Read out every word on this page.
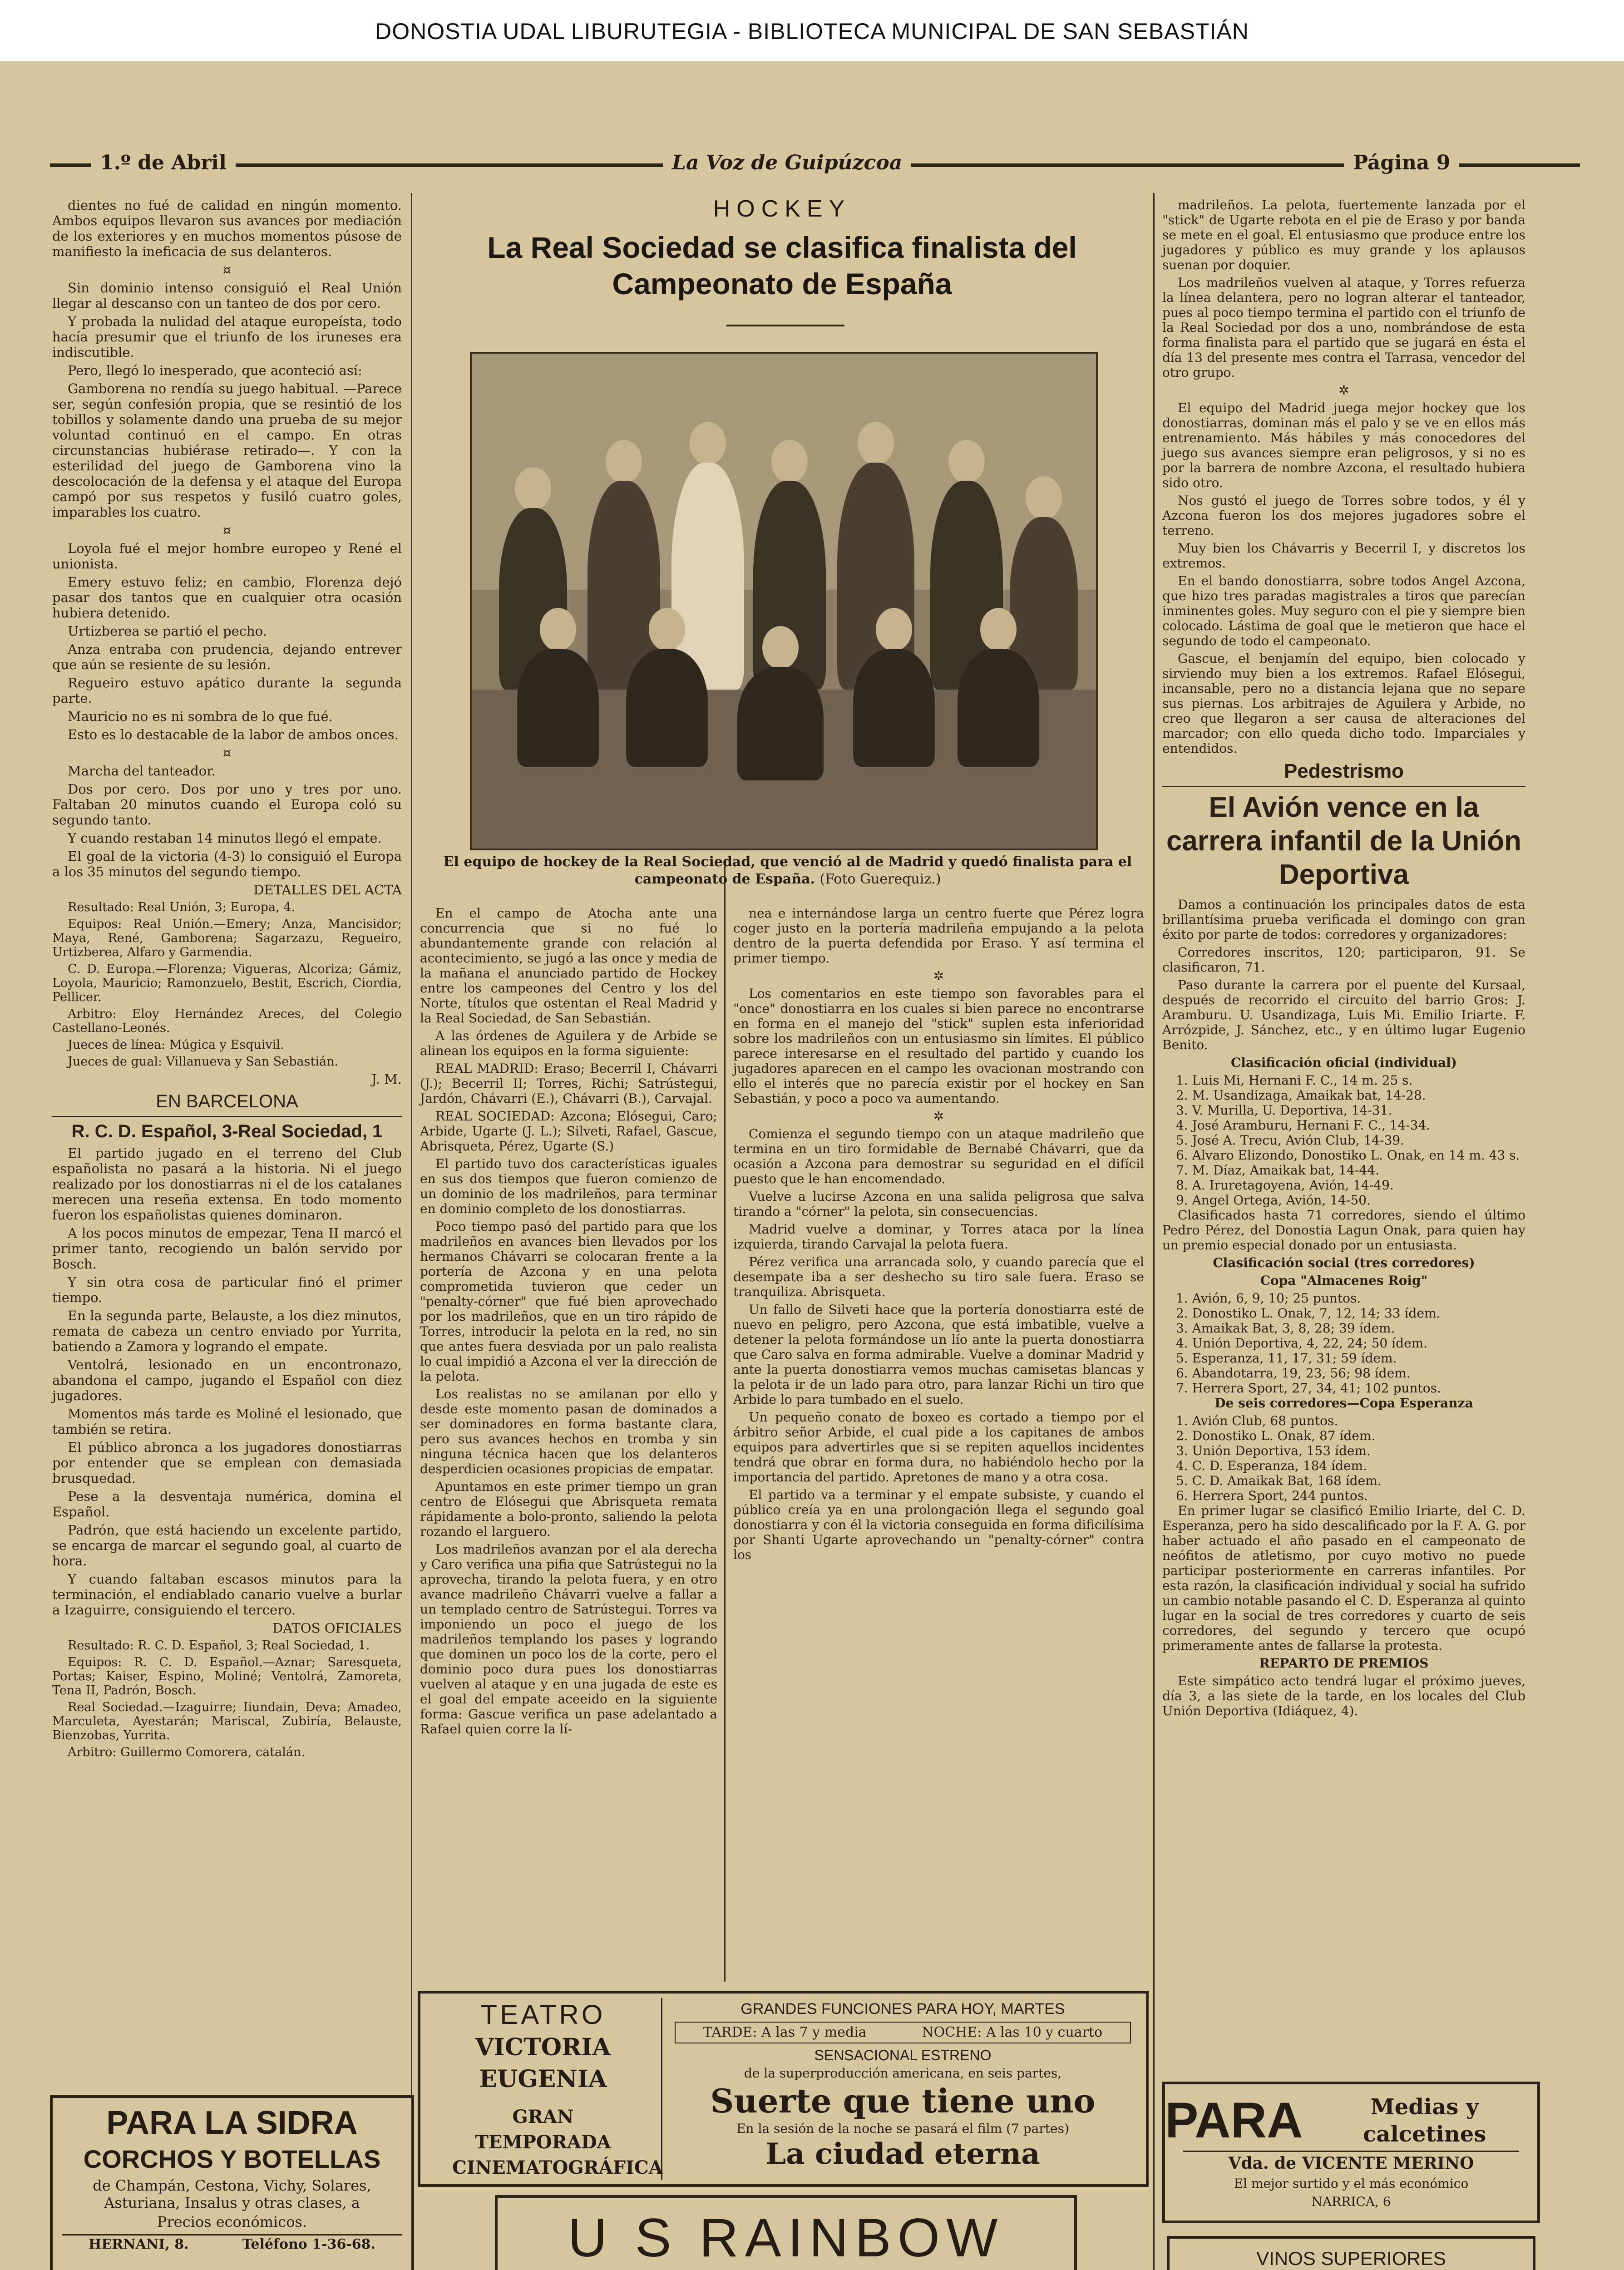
DONOSTIA UDAL LIBURUTEGIA - BIBLIOTECA MUNICIPAL DE SAN SEBASTIÁN
1.º de Abril	La Voz de Guipúzcoa	Página 9

dientes no fué de calidad en ningún momento. Ambos equipos llevaron sus avances por mediación de los exteriores y en muchos momentos púsose de manifiesto la ineficacia de sus delanteros.

¤

Sin dominio intenso consiguió el Real Unión llegar al descanso con un tanteo de dos por cero.

Y probada la nulidad del ataque europeísta, todo hacía presumir que el triunfo de los iruneses era indiscutible.

Pero, llegó lo inesperado, que aconteció así:

Gamborena no rendía su juego habitual. —Parece ser, según confesión propia, que se resintió de los tobillos y solamente dando una prueba de su mejor voluntad continuó en el campo. En otras circunstancias hubiérase retirado—. Y con la esterilidad del juego de Gamborena vino la descolocación de la defensa y el ataque del Europa campó por sus respetos y fusiló cuatro goles, imparables los cuatro.

¤

Loyola fué el mejor hombre europeo y René el unionista.

Emery estuvo feliz; en cambio, Florenza dejó pasar dos tantos que en cualquier otra ocasión hubiera detenido.

Urtizberea se partió el pecho.

Anza entraba con prudencia, dejando entrever que aún se resiente de su lesión.

Regueiro estuvo apático durante la segunda parte.

Mauricio no es ni sombra de lo que fué.

Esto es lo destacable de la labor de ambos onces.

¤

Marcha del tanteador.

Dos por cero. Dos por uno y tres por uno. Faltaban 20 minutos cuando el Europa coló su segundo tanto.

Y cuando restaban 14 minutos llegó el empate.

El goal de la victoria (4-3) lo consiguió el Europa a los 35 minutos del segundo tiempo.

DETALLES DEL ACTA

Resultado: Real Unión, 3; Europa, 4.

Equipos: Real Unión.—Emery; Anza, Mancisidor; Maya, René, Gamborena; Sagarzazu, Regueiro, Urtizberea, Alfaro y Garmendia.

C. D. Europa.—Florenza; Vigueras, Alcoriza; Gámiz, Loyola, Mauricio; Ramonzuelo, Bestit, Escrich, Ciordia, Pellicer.

Arbitro: Eloy Hernández Areces, del Colegio Castellano-Leonés.

Jueces de línea: Múgica y Esquivil.

Jueces de gual: Villanueva y San Sebastián.

J. M.

EN BARCELONA

R. C. D. Español, 3-Real Sociedad, 1

El partido jugado en el terreno del Club españolista no pasará a la historia. Ni el juego realizado por los donostiarras ni el de los catalanes merecen una reseña extensa. En todo momento fueron los españolistas quienes dominaron.

A los pocos minutos de empezar, Tena II marcó el primer tanto, recogiendo un balón servido por Bosch.

Y sin otra cosa de particular finó el primer tiempo.

En la segunda parte, Belauste, a los diez minutos, remata de cabeza un centro enviado por Yurrita, batiendo a Zamora y logrando el empate.

Ventolrá, lesionado en un encontronazo, abandona el campo, jugando el Español con diez jugadores.

Momentos más tarde es Moliné el lesionado, que también se retira.

El público abronca a los jugadores donostiarras por entender que se emplean con demasiada brusquedad.

Pese a la desventaja numérica, domina el Español.

Padrón, que está haciendo un excelente partido, se encarga de marcar el segundo goal, al cuarto de hora.

Y cuando faltaban escasos minutos para la terminación, el endiablado canario vuelve a burlar a Izaguirre, consiguiendo el tercero.

DATOS OFICIALES

Resultado: R. C. D. Español, 3; Real Sociedad, 1.

Equipos: R. C. D. Español.—Aznar; Saresqueta, Portas; Kaiser, Espino, Moliné; Ventolrá, Zamoreta, Tena II, Padrón, Bosch.

Real Sociedad.—Izaguirre; Iiundain, Deva; Amadeo, Marculeta, Ayestarán; Mariscal, Zubiría, Belauste, Bienzobas, Yurrita.

Arbitro: Guillermo Comorera, catalán.

PARA LA SIDRA
CORCHOS Y BOTELLAS
de Champán, Cestona, Vichy, Solares, Asturiana, Insalus y otras clases, a
Precios económicos.
HERNANI, 8.	Teléfono 1-36-68.
HOCKEY
La Real Sociedad se clasifica finalista del Campeonato de España
El equipo de hockey de la Real Sociedad, que venció al de Madrid y quedó finalista para el campeonato de España. (Foto Guerequiz.)

En el campo de Atocha ante una concurrencia que si no fué lo abundantemente grande con relación al acontecimiento, se jugó a las once y media de la mañana el anunciado partido de Hockey entre los campeones del Centro y los del Norte, títulos que ostentan el Real Madrid y la Real Sociedad, de San Sebastián.

A las órdenes de Aguilera y de Arbide se alinean los equipos en la forma siguiente:

REAL MADRID: Eraso; Becerril I, Chávarri (J.); Becerril II; Torres, Richi; Satrústegui, Jardón, Chávarri (E.), Chávarri (B.), Carvajal.

REAL SOCIEDAD: Azcona; Elósegui, Caro; Arbide, Ugarte (J. L.); Silveti, Rafael, Gascue, Abrisqueta, Pérez, Ugarte (S.)

El partido tuvo dos características iguales en sus dos tiempos que fueron comienzo de un dominio de los madrileños, para terminar en dominio completo de los donostiarras.

Poco tiempo pasó del partido para que los madrileños en avances bien llevados por los hermanos Chávarri se colocaran frente a la portería de Azcona y en una pelota comprometida tuvieron que ceder un "penalty-córner" que fué bien aprovechado por los madrileños, que en un tiro rápido de Torres, introducir la pelota en la red, no sin que antes fuera desviada por un palo realista lo cual impidió a Azcona el ver la dirección de la pelota.

Los realistas no se amilanan por ello y desde este momento pasan de dominados a ser dominadores en forma bastante clara, pero sus avances hechos en tromba y sin ninguna técnica hacen que los delanteros desperdicien ocasiones propicias de empatar.

Apuntamos en este primer tiempo un gran centro de Elósegui que Abrisqueta remata rápidamente a bolo-pronto, saliendo la pelota rozando el larguero.

Los madrileños avanzan por el ala derecha y Caro verifica una pifia que Satrústegui no la aprovecha, tirando la pelota fuera, y en otro avance madrileño Chávarri vuelve a fallar a un templado centro de Satrústegui. Torres va imponiendo un poco el juego de los madrileños templando los pases y logrando que dominen un poco los de la corte, pero el dominio poco dura pues los donostiarras vuelven al ataque y en una jugada de este es el goal del empate aceeido en la siguiente forma: Gascue verifica un pase adelantado a Rafael quien corre la lí-

nea e internándose larga un centro fuerte que Pérez logra coger justo en la portería madrileña empujando a la pelota dentro de la puerta defendida por Eraso. Y así termina el primer tiempo.

✲

Los comentarios en este tiempo son favorables para el "once" donostiarra en los cuales si bien parece no encontrarse en forma en el manejo del "stick" suplen esta inferioridad sobre los madrileños con un entusiasmo sin límites. El público parece interesarse en el resultado del partido y cuando los jugadores aparecen en el campo les ovacionan mostrando con ello el interés que no parecía existir por el hockey en San Sebastián, y poco a poco va aumentando.

✲

Comienza el segundo tiempo con un ataque madrileño que termina en un tiro formidable de Bernabé Chávarri, que da ocasión a Azcona para demostrar su seguridad en el difícil puesto que le han encomendado.

Vuelve a lucirse Azcona en una salida peligrosa que salva tirando a "córner" la pelota, sin consecuencias.

Madrid vuelve a dominar, y Torres ataca por la línea izquierda, tirando Carvajal la pelota fuera.

Pérez verifica una arrancada solo, y cuando parecía que el desempate iba a ser deshecho su tiro sale fuera. Eraso se tranquiliza. Abrisqueta.

Un fallo de Silveti hace que la portería donostiarra esté de nuevo en peligro, pero Azcona, que está imbatible, vuelve a detener la pelota formándose un lío ante la puerta donostiarra que Caro salva en forma admirable. Vuelve a dominar Madrid y ante la puerta donostiarra vemos muchas camisetas blancas y la pelota ir de un lado para otro, para lanzar Richi un tiro que Arbide lo para tumbado en el suelo.

Un pequeño conato de boxeo es cortado a tiempo por el árbitro señor Arbide, el cual pide a los capitanes de ambos equipos para advertirles que si se repiten aquellos incidentes tendrá que obrar en forma dura, no habiéndolo hecho por la importancia del partido. Apretones de mano y a otra cosa.

El partido va a terminar y el empate subsiste, y cuando el público creía ya en una prolongación llega el segundo goal donostiarra y con él la victoria conseguida en forma dificilísima por Shanti Ugarte aprovechando un "penalty-córner" contra los

TEATRO
VICTORIA EUGENIA
GRAN TEMPORADA CINEMATOGRÁFICA
GRANDES FUNCIONES PARA HOY, MARTES
TARDE: A las 7 y media	NOCHE: A las 10 y cuarto
SENSACIONAL ESTRENO
de la superproducción americana, en seis partes,
Suerte que tiene uno
En la sesión de la noche se pasará el film (7 partes)
La ciudad eterna
U S RAINBOW

madrileños. La pelota, fuertemente lanzada por el "stick" de Ugarte rebota en el pie de Eraso y por banda se mete en el goal. El entusiasmo que produce entre los jugadores y público es muy grande y los aplausos suenan por doquier.

Los madrileños vuelven al ataque, y Torres refuerza la línea delantera, pero no logran alterar el tanteador, pues al poco tiempo termina el partido con el triunfo de la Real Sociedad por dos a uno, nombrándose de esta forma finalista para el partido que se jugará en ésta el día 13 del presente mes contra el Tarrasa, vencedor del otro grupo.

✲

El equipo del Madrid juega mejor hockey que los donostiarras, dominan más el palo y se ve en ellos más entrenamiento. Más hábiles y más conocedores del juego sus avances siempre eran peligrosos, y si no es por la barrera de nombre Azcona, el resultado hubiera sido otro.

Nos gustó el juego de Torres sobre todos, y él y Azcona fueron los dos mejores jugadores sobre el terreno.

Muy bien los Chávarris y Becerril I, y discretos los extremos.

En el bando donostiarra, sobre todos Angel Azcona, que hizo tres paradas magistrales a tiros que parecían inminentes goles. Muy seguro con el pie y siempre bien colocado. Lástima de goal que le metieron que hace el segundo de todo el campeonato.

Gascue, el benjamín del equipo, bien colocado y sirviendo muy bien a los extremos. Rafael Elósegui, incansable, pero no a distancia lejana que no separe sus piernas. Los arbitrajes de Aguilera y Arbide, no creo que llegaron a ser causa de alteraciones del marcador; con ello queda dicho todo. Imparciales y entendidos.

Pedestrismo

El Avión vence en la carrera infantil de la Unión Deportiva

Damos a continuación los principales datos de esta brillantísima prueba verificada el domingo con gran éxito por parte de todos: corredores y organizadores:

Corredores inscritos, 120; participaron, 91. Se clasificaron, 71.

Paso durante la carrera por el puente del Kursaal, después de recorrido el circuito del barrio Gros: J. Aramburu. U. Usandizaga, Luis Mi. Emilio Iriarte. F. Arrózpide, J. Sánchez, etc., y en último lugar Eugenio Benito.

Clasificación oficial (individual)

1. Luis Mi, Hernani F. C., 14 m. 25 s.
2. M. Usandizaga, Amaikak bat, 14-28.
3. V. Murilla, U. Deportiva, 14-31.
4. José Aramburu, Hernani F. C., 14-34.
5. José A. Trecu, Avión Club, 14-39.
6. Alvaro Elizondo, Donostiko L. Onak, en 14 m. 43 s.
7. M. Díaz, Amaikak bat, 14-44.
8. A. Iruretagoyena, Avión, 14-49.
9. Angel Ortega, Avión, 14-50.

Clasificados hasta 71 corredores, siendo el último Pedro Pérez, del Donostia Lagun Onak, para quien hay un premio especial donado por un entusiasta.

Clasificación social (tres corredores)

Copa "Almacenes Roig"

1. Avión, 6, 9, 10; 25 puntos.
2. Donostiko L. Onak, 7, 12, 14; 33 ídem.
3. Amaikak Bat, 3, 8, 28; 39 ídem.
4. Unión Deportiva, 4, 22, 24; 50 ídem.
5. Esperanza, 11, 17, 31; 59 ídem.
6. Abandotarra, 19, 23, 56; 98 ídem.
7. Herrera Sport, 27, 34, 41; 102 puntos.

De seis corredores—Copa Esperanza

1. Avión Club, 68 puntos.
2. Donostiko L. Onak, 87 ídem.
3. Unión Deportiva, 153 ídem.
4. C. D. Esperanza, 184 ídem.
5. C. D. Amaikak Bat, 168 ídem.
6. Herrera Sport, 244 puntos.

En primer lugar se clasificó Emilio Iriarte, del C. D. Esperanza, pero ha sido descalificado por la F. A. G. por haber actuado el año pasado en el campeonato de neófitos de atletismo, por cuyo motivo no puede participar posteriormente en carreras infantiles. Por esta razón, la clasificación individual y social ha sufrido un cambio notable pasando el C. D. Esperanza al quinto lugar en la social de tres corredores y cuarto de seis corredores, del segundo y tercero que ocupó primeramente antes de fallarse la protesta.

REPARTO DE PREMIOS

Este simpático acto tendrá lugar el próximo jueves, día 3, a las siete de la tarde, en los locales del Club Unión Deportiva (Idiáquez, 4).

PARA	Medias y calcetines
Vda. de VICENTE MERINO
El mejor surtido y el más económico
NARRICA, 6
VINOS SUPERIORES
